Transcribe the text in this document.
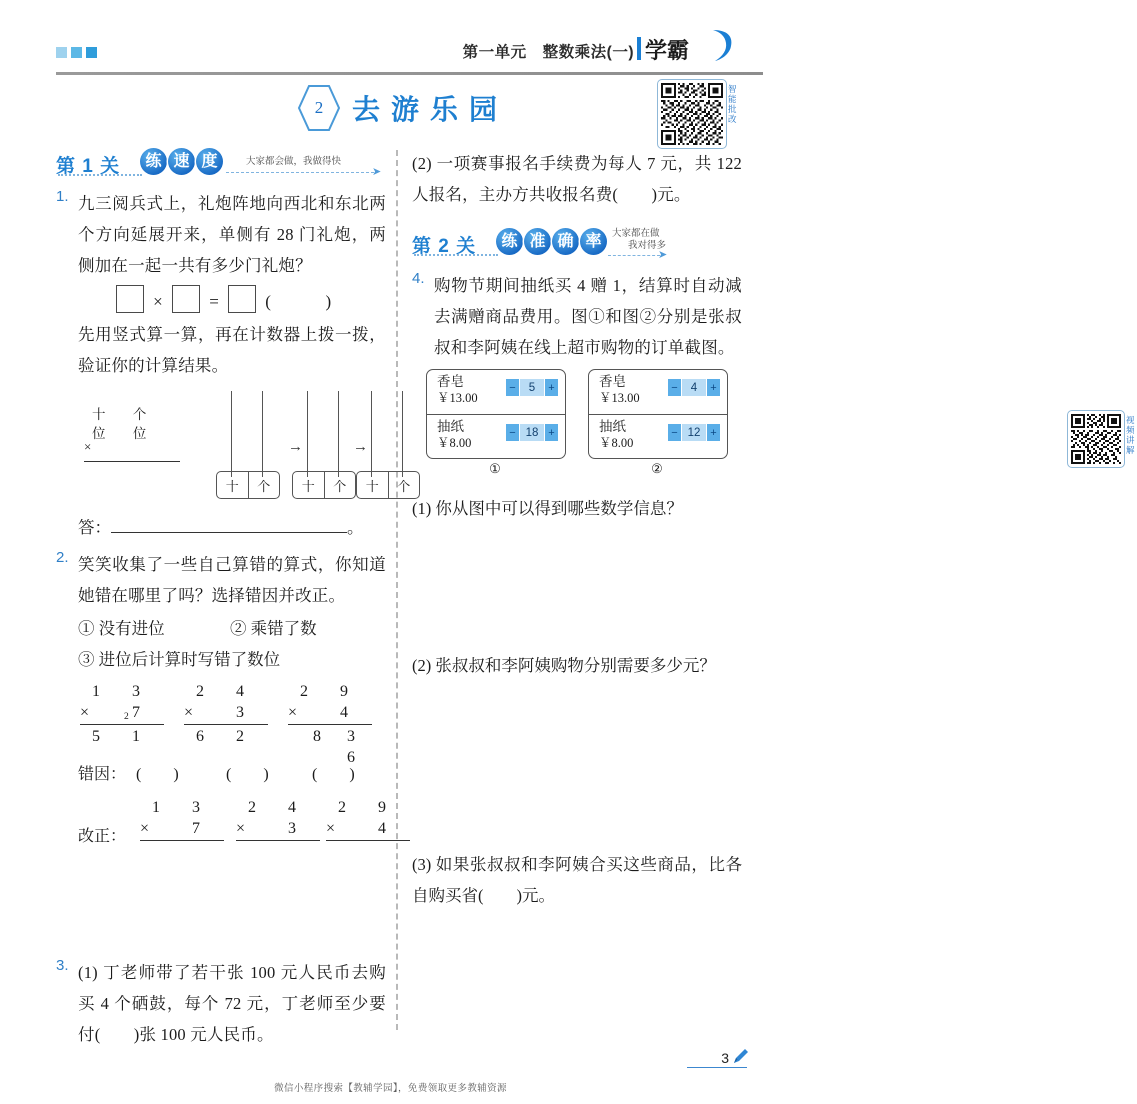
第一单元　整数乘法(一) 学霸
2	去游乐园
智能批改
第 1 关	练 速 度	大家都会做，我做得快
➤
1. 九三阅兵式上，礼炮阵地向西北和东北两个方向延展开来，单侧有 28 门礼炮，两侧加在一起一共有多少门礼炮？
×	=	(	)
先用竖式算一算，再在计数器上拨一拨，验证你的计算结果。
十 个
位 位
×
十	个
→
十	个
→
十	个
答：	。
2. 笑笑收集了一些自己算错的算式，你知道她错在哪里了吗？选择错因并改正。
① 没有进位	② 乘错了数
③ 进位后计算时写错了数位
1 3
×	2 7
5 1
2 4
×	3
6 2
2 9
×	4
8 3 6
错因： (　　)	(　　)	(　　)
改正：
1 3
×	7
2 4
×	3
2 9
×	4
3. (1) 丁老师带了若干张 100 元人民币去购买 4 个硒鼓，每个 72 元，丁老师至少要付(　　)张 100 元人民币。
(2) 一项赛事报名手续费为每人 7 元，共 122 人报名，主办方共收报名费(　　)元。
第 2 关	练 准 确 率	大家都在做
我对得多
➤
视频讲解
4. 购物节期间抽纸买 4 赠 1，结算时自动减去满赠商品费用。图①和图②分别是张叔叔和李阿姨在线上超市购物的订单截图。
香皂
￥13.00
−	5	+
抽纸
￥8.00
− 18 +
①
香皂
￥13.00
−	4	+
抽纸
￥8.00
− 12 +
②
(1) 你从图中可以得到哪些数学信息？
(2) 张叔叔和李阿姨购物分别需要多少元？
(3) 如果张叔叔和李阿姨合买这些商品，比各自购买省(　　)元。
3
微信小程序搜索【教辅学园】，免费领取更多教辅资源
